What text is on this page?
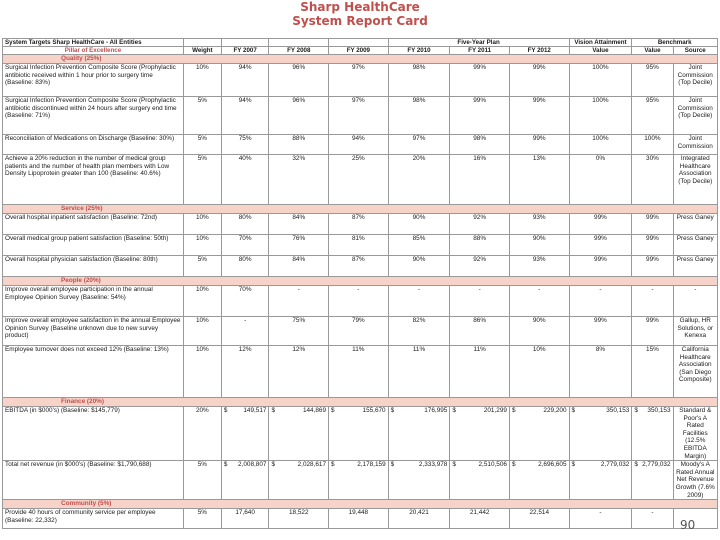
Sharp HealthCare
System Report Card
System Targets Sharp HealthCare - All Entities					Five-Year Plan			Vision Attainment	Benchmark	
Pillar of Excellence	Weight	FY 2007	FY 2008	FY 2009	FY 2010	FY 2011	FY 2012	Value	Value	Source
Quality (25%)										
Surgical Infection Prevention Composite Score (Prophylactic antibiotic received within 1 hour prior to surgery time (Baseline: 83%)	10%	94%	96%	97%	98%	99%	99%	100%	95%	Joint Commission (Top Decile)
Surgical Infection Prevention Composite Score (Prophylactic antibiotic discontinued within 24 hours after surgery end time (Baseline: 71%)	5%	94%	96%	97%	98%	99%	99%	100%	95%	Joint Commission (Top Decile)
Reconciliation of Medications on Discharge (Baseline: 30%)	5%	75%	88%	94%	97%	98%	99%	100%	100%	Joint Commission
Achieve a 20% reduction in the number of medical group patients and the number of health plan members with Low Density Lipoprotein greater than 100 (Baseline: 40.6%)	5%	40%	32%	25%	20%	16%	13%	0%	30%	Integrated Healthcare Association (Top Decile)
Service (25%)										
Overall hospital inpatient satisfaction (Baseline: 72nd)	10%	80%	84%	87%	90%	92%	93%	99%	99%	Press Ganey
Overall medical group patient satisfaction (Baseline: 50th)	10%	70%	76%	81%	85%	88%	90%	99%	99%	Press Ganey
Overall hospital physician satisfaction (Baseline: 80th)	5%	80%	84%	87%	90%	92%	93%	99%	99%	Press Ganey
People (20%)										
Improve overall employee participation in the annual Employee Opinion Survey (Baseline: 54%)	10%	70%	-	-	-	-	-	-	-	-
Improve overall employee satisfaction in the annual Employee Opinion Survey (Baseline unknown due to new survey product)	10%	-	75%	79%	82%	86%	90%	99%	99%	Gallup, HR Solutions, or Kenexa
Employee turnover does not exceed 12% (Baseline: 13%)	10%	12%	12%	11%	11%	11%	10%	8%	15%	California Healthcare Association (San Diego Composite)
Finance (20%)										
EBITDA (in $000's) (Baseline: $145,779)	20%	$ 149,517	$ 144,869	$ 155,670	$ 176,995	$ 201,299	$ 229,200	$ 350,153	$ 350,153	Standard & Poor's A Rated Facilities (12.5% EBITDA Margin)
Total net revenue (in $000's) (Baseline: $1,790,688)	5%	$ 2,008,807	$ 2,028,617	$ 2,178,159	$ 2,333,978	$ 2,510,506	$ 2,696,605	$ 2,779,032	$ 2,779,032	Moody's A Rated Annual Net Revenue Growth (7.6% 2009)
Community (5%)										
Provide 40 hours of community service per employee (Baseline: 22,332)	5%	17,640	18,522	19,448	20,421	21,442	22,514	-	-	
90
